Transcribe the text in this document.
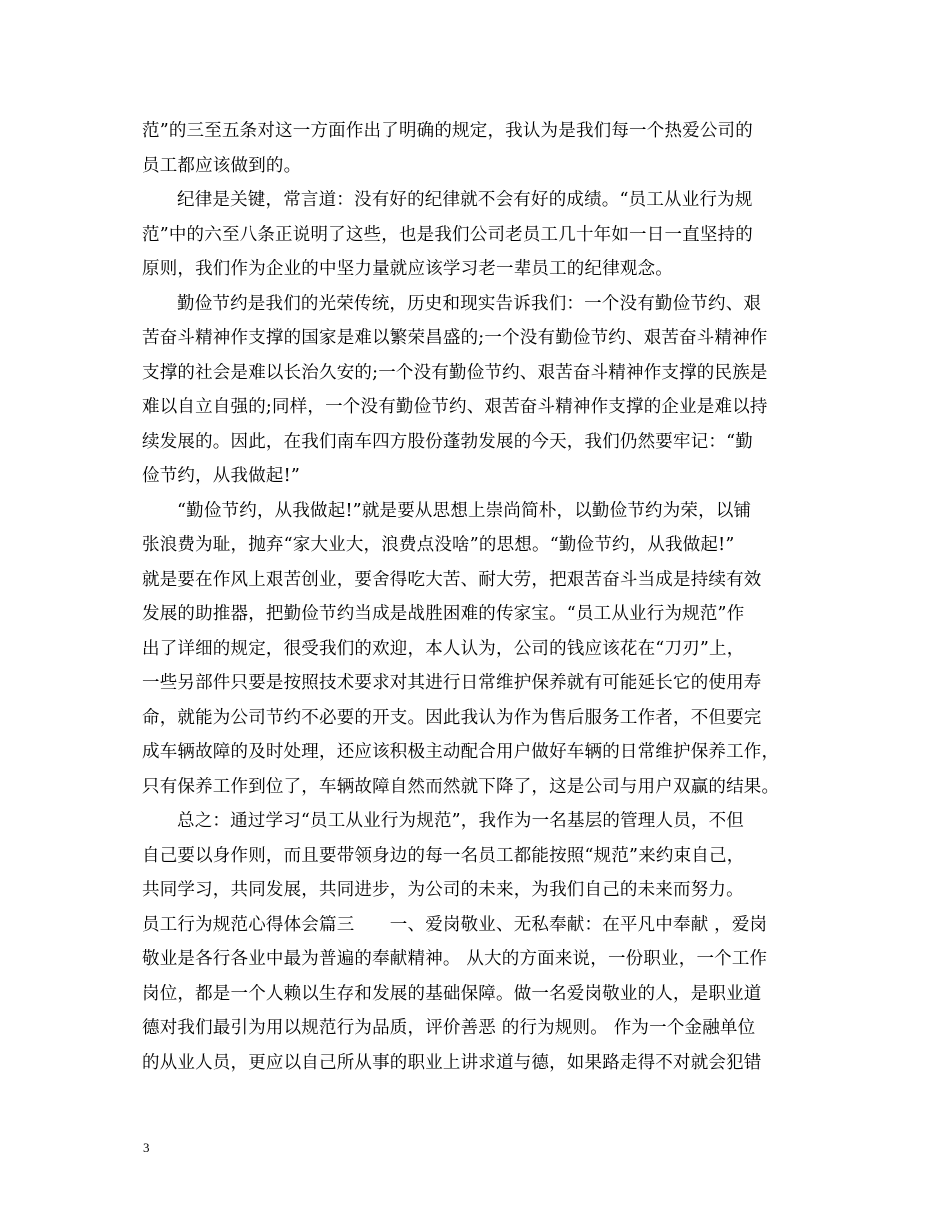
范”的三至五条对这一方面作出了明确的规定，我认为是我们每一个热爱公司的
员工都应该做到的。
纪律是关键，常言道：没有好的纪律就不会有好的成绩。“员工从业行为规
范”中的六至八条正说明了这些，也是我们公司老员工几十年如一日一直坚持的
原则，我们作为企业的中坚力量就应该学习老一辈员工的纪律观念。
勤俭节约是我们的光荣传统，历史和现实告诉我们：一个没有勤俭节约、艰
苦奋斗精神作支撑的国家是难以繁荣昌盛的;一个没有勤俭节约、艰苦奋斗精神作
支撑的社会是难以长治久安的;一个没有勤俭节约、艰苦奋斗精神作支撑的民族是
难以自立自强的;同样，一个没有勤俭节约、艰苦奋斗精神作支撑的企业是难以持
续发展的。因此，在我们南车四方股份蓬勃发展的今天，我们仍然要牢记：“勤
俭节约，从我做起!”
“勤俭节约，从我做起!”就是要从思想上崇尚简朴，以勤俭节约为荣，以铺
张浪费为耻，抛弃“家大业大，浪费点没啥”的思想。“勤俭节约，从我做起!”
就是要在作风上艰苦创业，要舍得吃大苦、耐大劳，把艰苦奋斗当成是持续有效
发展的助推器，把勤俭节约当成是战胜困难的传家宝。“员工从业行为规范”作
出了详细的规定，很受我们的欢迎，本人认为，公司的钱应该花在“刀刃”上，
一些另部件只要是按照技术要求对其进行日常维护保养就有可能延长它的使用寿
命，就能为公司节约不必要的开支。因此我认为作为售后服务工作者，不但要完
成车辆故障的及时处理，还应该积极主动配合用户做好车辆的日常维护保养工作，
只有保养工作到位了，车辆故障自然而然就下降了，这是公司与用户双赢的结果。
总之：通过学习“员工从业行为规范”，我作为一名基层的管理人员，不但
自己要以身作则，而且要带领身边的每一名员工都能按照“规范”来约束自己，
共同学习，共同发展，共同进步，为公司的未来，为我们自己的未来而努力。
员工行为规范心得体会篇三　　一、爱岗敬业、无私奉献：在平凡中奉献 ，爱岗
敬业是各行各业中最为普遍的奉献精神。 从大的方面来说，一份职业，一个工作
岗位，都是一个人赖以生存和发展的基础保障。做一名爱岗敬业的人，是职业道
德对我们最引为用以规范行为品质，评价善恶 的行为规则。 作为一个金融单位
的从业人员，更应以自己所从事的职业上讲求道与德，如果路走得不对就会犯错
3
